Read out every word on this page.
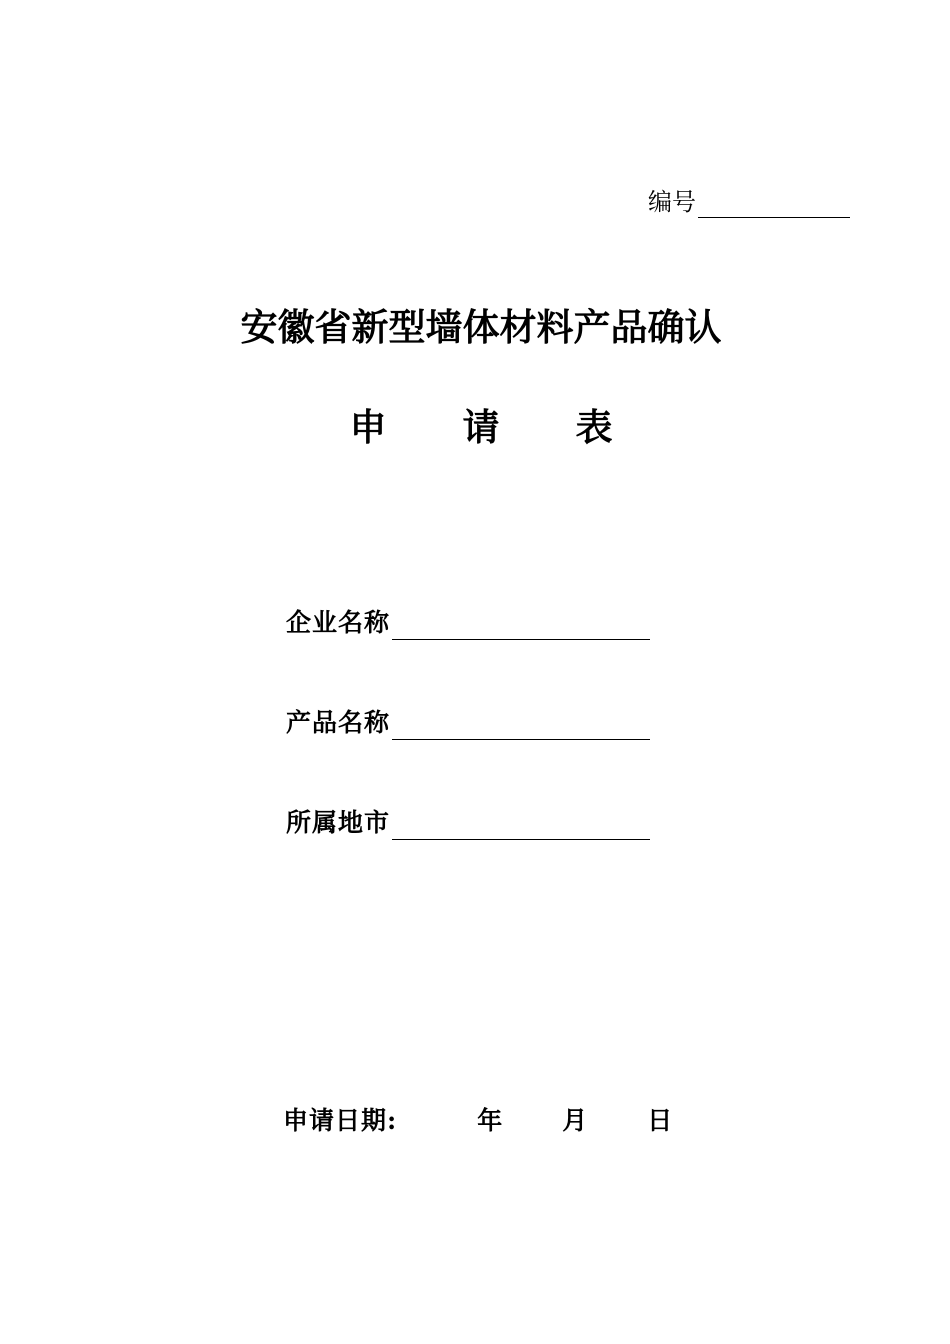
编号
安徽省新型墙体材料产品确认
申 请 表
企业名称
产品名称
所属地市
申请日期:	年 月 日
